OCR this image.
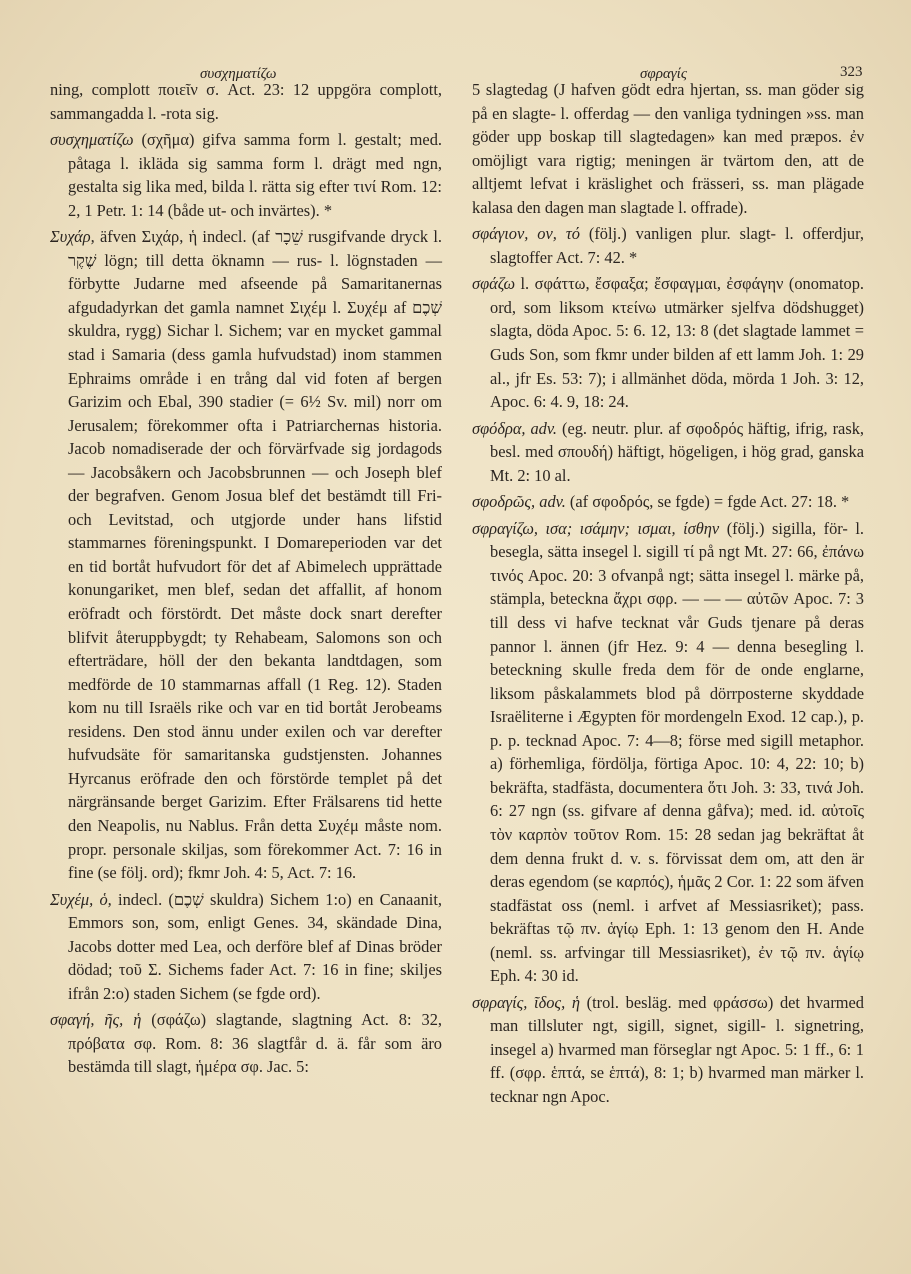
συσχηματίζω	σφραγίς	323

ning, complott ποιεῖν σ. Act. 23: 12 uppgöra complott, sammangadda l. -rota sig.

συσχηματίζω (σχῆμα) gifva samma form l. gestalt; med. påtaga l. ikläda sig samma form l. drägt med ngn, gestalta sig lika med, bilda l. rätta sig efter τινί Rom. 12: 2, 1 Petr. 1: 14 (både ut- och invärtes). *

Συχάρ, äfven Σιχάρ, ἡ indecl. (af שֵׁכָר rusgifvande dryck l. שֶׁקֶר lögn; till detta öknamn — rus- l. lögnstaden — förbytte Judarne med afseende på Samaritanernas afgudadyrkan det gamla namnet Σιχέμ l. Συχέμ af שְׁכֶם skuldra, rygg) Sichar l. Sichem; var en mycket gammal stad i Samaria (dess gamla hufvudstad) inom stammen Ephraims område i en trång dal vid foten af bergen Garizim och Ebal, 390 stadier (= 6½ Sv. mil) norr om Jerusalem; förekommer ofta i Patriarchernas historia. Jacob nomadiserade der och förvärfvade sig jordagods — Jacobsåkern och Jacobsbrunnen — och Joseph blef der begrafven. Genom Josua blef det bestämdt till Fri- och Levitstad, och utgjorde under hans lifstid stammarnes föreningspunkt. I Domareperioden var det en tid bortåt hufvudort för det af Abimelech upprättade konungariket, men blef, sedan det affallit, af honom eröfradt och förstördt. Det måste dock snart derefter blifvit återuppbygdt; ty Rehabeam, Salomons son och efterträdare, höll der den bekanta landtdagen, som medförde de 10 stammarnas affall (1 Reg. 12). Staden kom nu till Israëls rike och var en tid bortåt Jerobeams residens. Den stod ännu under exilen och var derefter hufvudsäte för samaritanska gudstjensten. Johannes Hyrcanus eröfrade den och förstörde templet på det närgränsande berget Garizim. Efter Frälsarens tid hette den Neapolis, nu Nablus. Från detta Συχέμ måste nom. propr. personale skiljas, som förekommer Act. 7: 16 in fine (se följ. ord); fkmr Joh. 4: 5, Act. 7: 16.

Συχέμ, ὁ, indecl. (שְׁכֶם skuldra) Sichem 1:o) en Canaanit, Emmors son, som, enligt Genes. 34, skändade Dina, Jacobs dotter med Lea, och derföre blef af Dinas bröder dödad; τοῦ Σ. Sichems fader Act. 7: 16 in fine; skiljes ifrån 2:o) staden Sichem (se fgde ord).

σφαγή, ῆς, ἡ (σφάζω) slagtande, slagtning Act. 8: 32, πρόβατα σφ. Rom. 8: 36 slagtfår d. ä. får som äro bestämda till slagt, ἡμέρα σφ. Jac. 5:

5 slagtedag (J hafven gödt edra hjertan, ss. man göder sig på en slagte- l. offerdag — den vanliga tydningen »ss. man göder upp boskap till slagtedagen» kan med præpos. ἐν omöjligt vara rigtig; meningen är tvärtom den, att de alltjemt lefvat i kräslighet och frässeri, ss. man plägade kalasa den dagen man slagtade l. offrade).

σφάγιον, ον, τό (följ.) vanligen plur. slagt- l. offerdjur, slagtoffer Act. 7: 42. *

σφάζω l. σφάττω, ἔσφαξα; ἔσφαγμαι, ἐσφάγην (onomatop. ord, som liksom κτείνω utmärker sjelfva dödshugget) slagta, döda Apoc. 5: 6. 12, 13: 8 (det slagtade lammet = Guds Son, som fkmr under bilden af ett lamm Joh. 1: 29 al., jfr Es. 53: 7); i allmänhet döda, mörda 1 Joh. 3: 12, Apoc. 6: 4. 9, 18: 24.

σφόδρα, adv. (eg. neutr. plur. af σφοδρός häftig, ifrig, rask, besl. med σπουδή) häftigt, högeligen, i hög grad, ganska Mt. 2: 10 al.

σφοδρῶς, adv. (af σφοδρός, se fgde) = fgde Act. 27: 18. *

σφραγίζω, ισα; ισάμην; ισμαι, ίσθην (följ.) sigilla, för- l. besegla, sätta insegel l. sigill τί på ngt Mt. 27: 66, ἐπάνω τινός Apoc. 20: 3 ofvanpå ngt; sätta insegel l. märke på, stämpla, beteckna ἄχρι σφρ. — — — αὐτῶν Apoc. 7: 3 till dess vi hafve tecknat vår Guds tjenare på deras pannor l. ännen (jfr Hez. 9: 4 — denna besegling l. beteckning skulle freda dem för de onde englarne, liksom påskalammets blod på dörrposterne skyddade Israëliterne i Ægypten för mordengeln Exod. 12 cap.), p. p. p. tecknad Apoc. 7: 4—8; förse med sigill metaphor. a) förhemliga, fördölja, förtiga Apoc. 10: 4, 22: 10; b) bekräfta, stadfästa, documentera ὅτι Joh. 3: 33, τινά Joh. 6: 27 ngn (ss. gifvare af denna gåfva); med. id. αὐτοῖς τὸν καρπὸν τοῦτον Rom. 15: 28 sedan jag bekräftat åt dem denna frukt d. v. s. förvissat dem om, att den är deras egendom (se καρπός), ἡμᾶς 2 Cor. 1: 22 som äfven stadfästat oss (neml. i arfvet af Messiasriket); pass. bekräftas τῷ πν. ἁγίῳ Eph. 1: 13 genom den H. Ande (neml. ss. arfvingar till Messiasriket), ἐν τῷ πν. ἁγίῳ Eph. 4: 30 id.

σφραγίς, ῖδος, ἡ (trol. besläg. med φράσσω) det hvarmed man tillsluter ngt, sigill, signet, sigill- l. signetring, insegel a) hvarmed man förseglar ngt Apoc. 5: 1 ff., 6: 1 ff. (σφρ. ἑπτά, se ἑπτά), 8: 1; b) hvarmed man märker l. tecknar ngn Apoc.
